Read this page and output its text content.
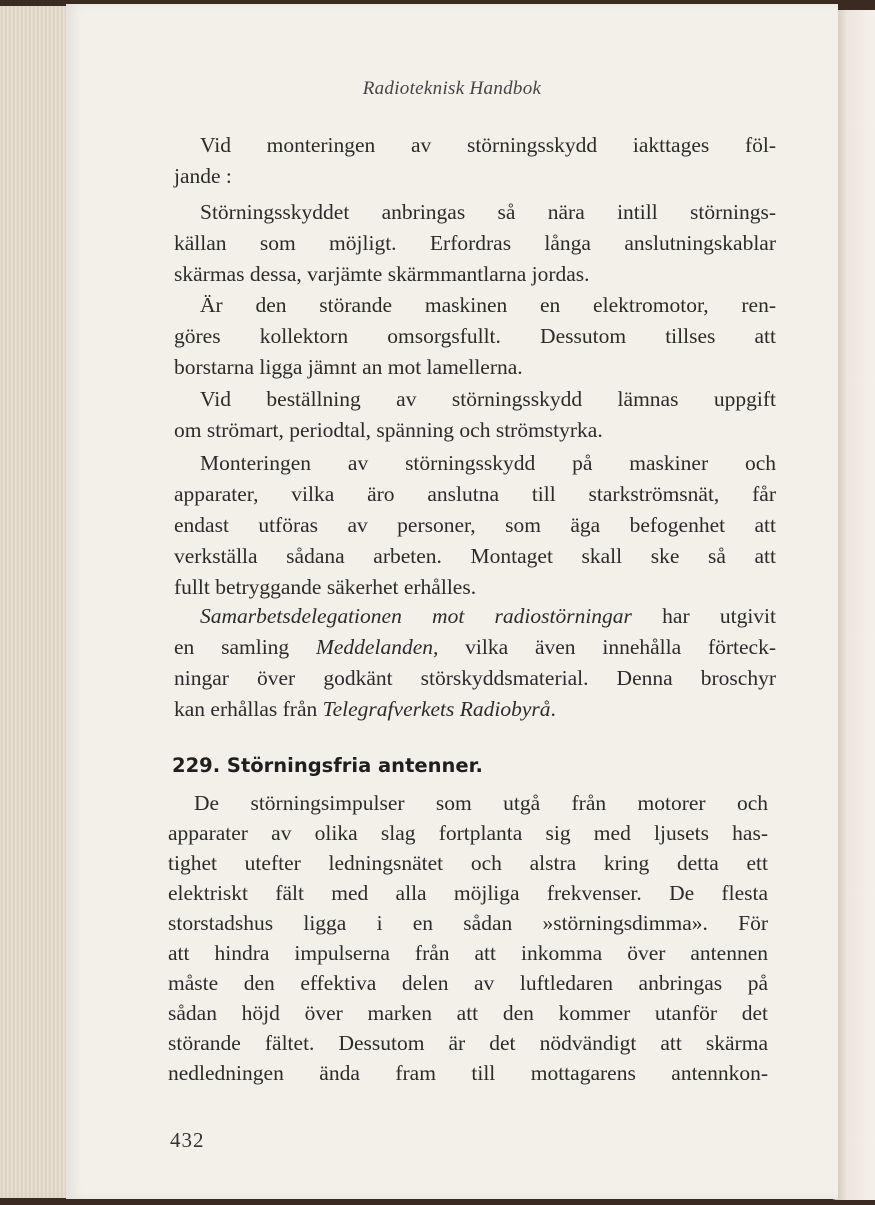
Radioteknisk Handbok
Vid monteringen av störningsskydd iakttages föl-
jande :
Störningsskyddet anbringas så nära intill störnings-
källan som möjligt. Erfordras långa anslutningskablar
skärmas dessa, varjämte skärmmantlarna jordas.
Är den störande maskinen en elektromotor, ren-
göres kollektorn omsorgsfullt. Dessutom tillses att
borstarna ligga jämnt an mot lamellerna.
Vid beställning av störningsskydd lämnas uppgift
om strömart, periodtal, spänning och strömstyrka.
Monteringen av störningsskydd på maskiner och
apparater, vilka äro anslutna till starkströmsnät, får
endast utföras av personer, som äga befogenhet att
verkställa sådana arbeten. Montaget skall ske så att
fullt betryggande säkerhet erhålles.
Samarbetsdelegationen mot radiostörningar har utgivit
en samling Meddelanden, vilka även innehålla förteck-
ningar över godkänt störskyddsmaterial. Denna broschyr
kan erhållas från Telegrafverkets Radiobyrå.
229. Störningsfria antenner.
De störningsimpulser som utgå från motorer och
apparater av olika slag fortplanta sig med ljusets has-
tighet utefter ledningsnätet och alstra kring detta ett
elektriskt fält med alla möjliga frekvenser. De flesta
storstadshus ligga i en sådan »störningsdimma». För
att hindra impulserna från att inkomma över antennen
måste den effektiva delen av luftledaren anbringas på
sådan höjd över marken att den kommer utanför det
störande fältet. Dessutom är det nödvändigt att skärma
nedledningen ända fram till mottagarens antennkon-
432
